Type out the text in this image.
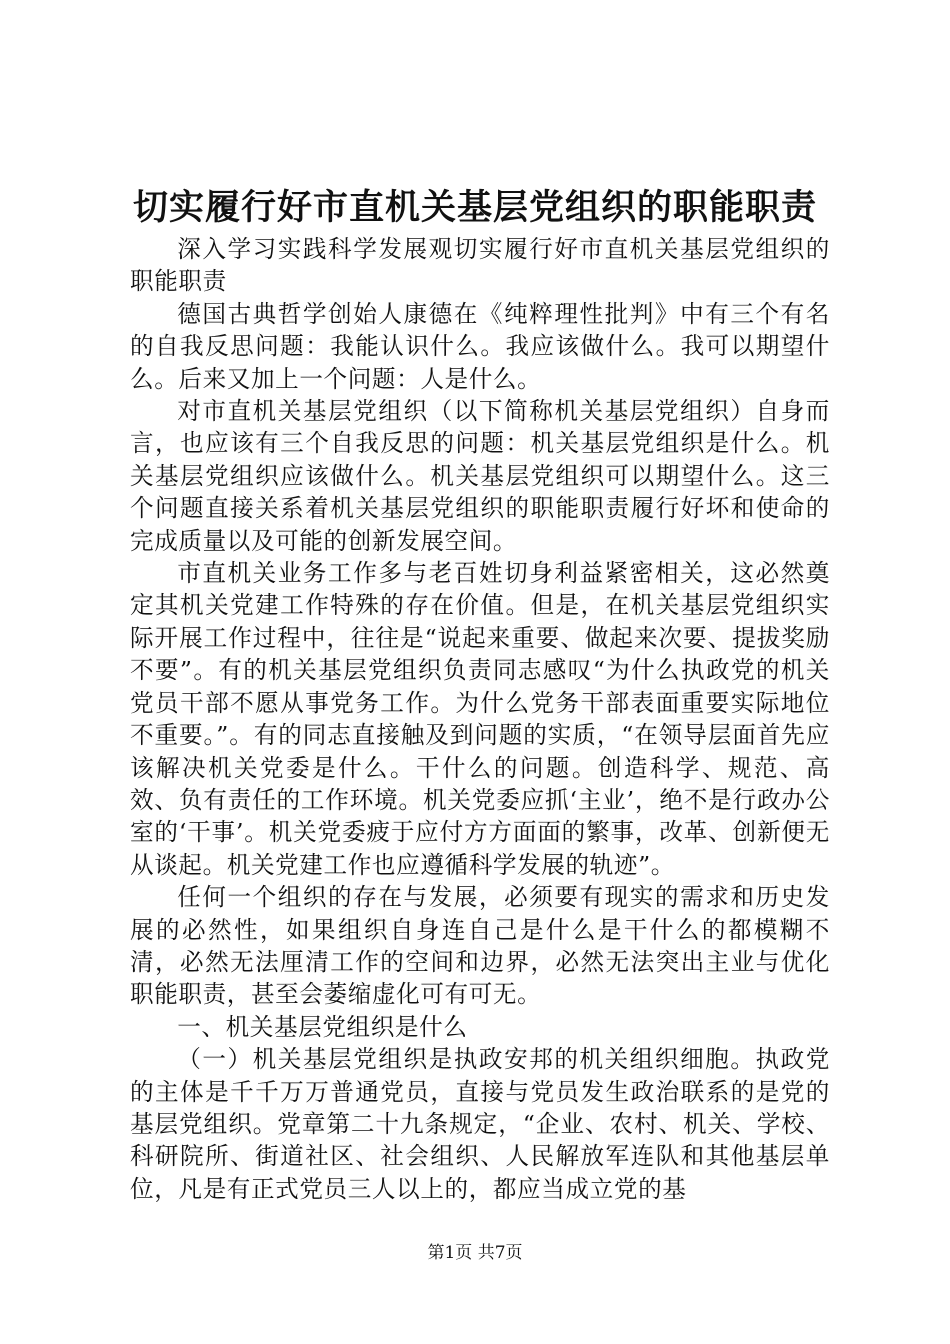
切实履行好市直机关基层党组织的职能职责

深入学习实践科学发展观切实履行好市直机关基层党组织的职能职责

德国古典哲学创始人康德在《纯粹理性批判》中有三个有名的自我反思问题：我能认识什么。我应该做什么。我可以期望什么。后来又加上一个问题：人是什么。

对市直机关基层党组织（以下简称机关基层党组织）自身而言，也应该有三个自我反思的问题：机关基层党组织是什么。机关基层党组织应该做什么。机关基层党组织可以期望什么。这三个问题直接关系着机关基层党组织的职能职责履行好坏和使命的完成质量以及可能的创新发展空间。

市直机关业务工作多与老百姓切身利益紧密相关，这必然奠定其机关党建工作特殊的存在价值。但是，在机关基层党组织实际开展工作过程中，往往是“说起来重要、做起来次要、提拔奖励不要”。有的机关基层党组织负责同志感叹“为什么执政党的机关党员干部不愿从事党务工作。为什么党务干部表面重要实际地位不重要。”。有的同志直接触及到问题的实质，“在领导层面首先应该解决机关党委是什么。干什么的问题。创造科学、规范、高效、负有责任的工作环境。机关党委应抓‘主业’，绝不是行政办公室的‘干事’。机关党委疲于应付方方面面的繁事，改革、创新便无从谈起。机关党建工作也应遵循科学发展的轨迹”。

任何一个组织的存在与发展，必须要有现实的需求和历史发展的必然性，如果组织自身连自己是什么是干什么的都模糊不清，必然无法厘清工作的空间和边界，必然无法突出主业与优化职能职责，甚至会萎缩虚化可有可无。

一、机关基层党组织是什么

（一）机关基层党组织是执政安邦的机关组织细胞。执政党的主体是千千万万普通党员，直接与党员发生政治联系的是党的基层党组织。党章第二十九条规定，“企业、农村、机关、学校、科研院所、街道社区、社会组织、人民解放军连队和其他基层单位，凡是有正式党员三人以上的，都应当成立党的基

第1页 共7页
